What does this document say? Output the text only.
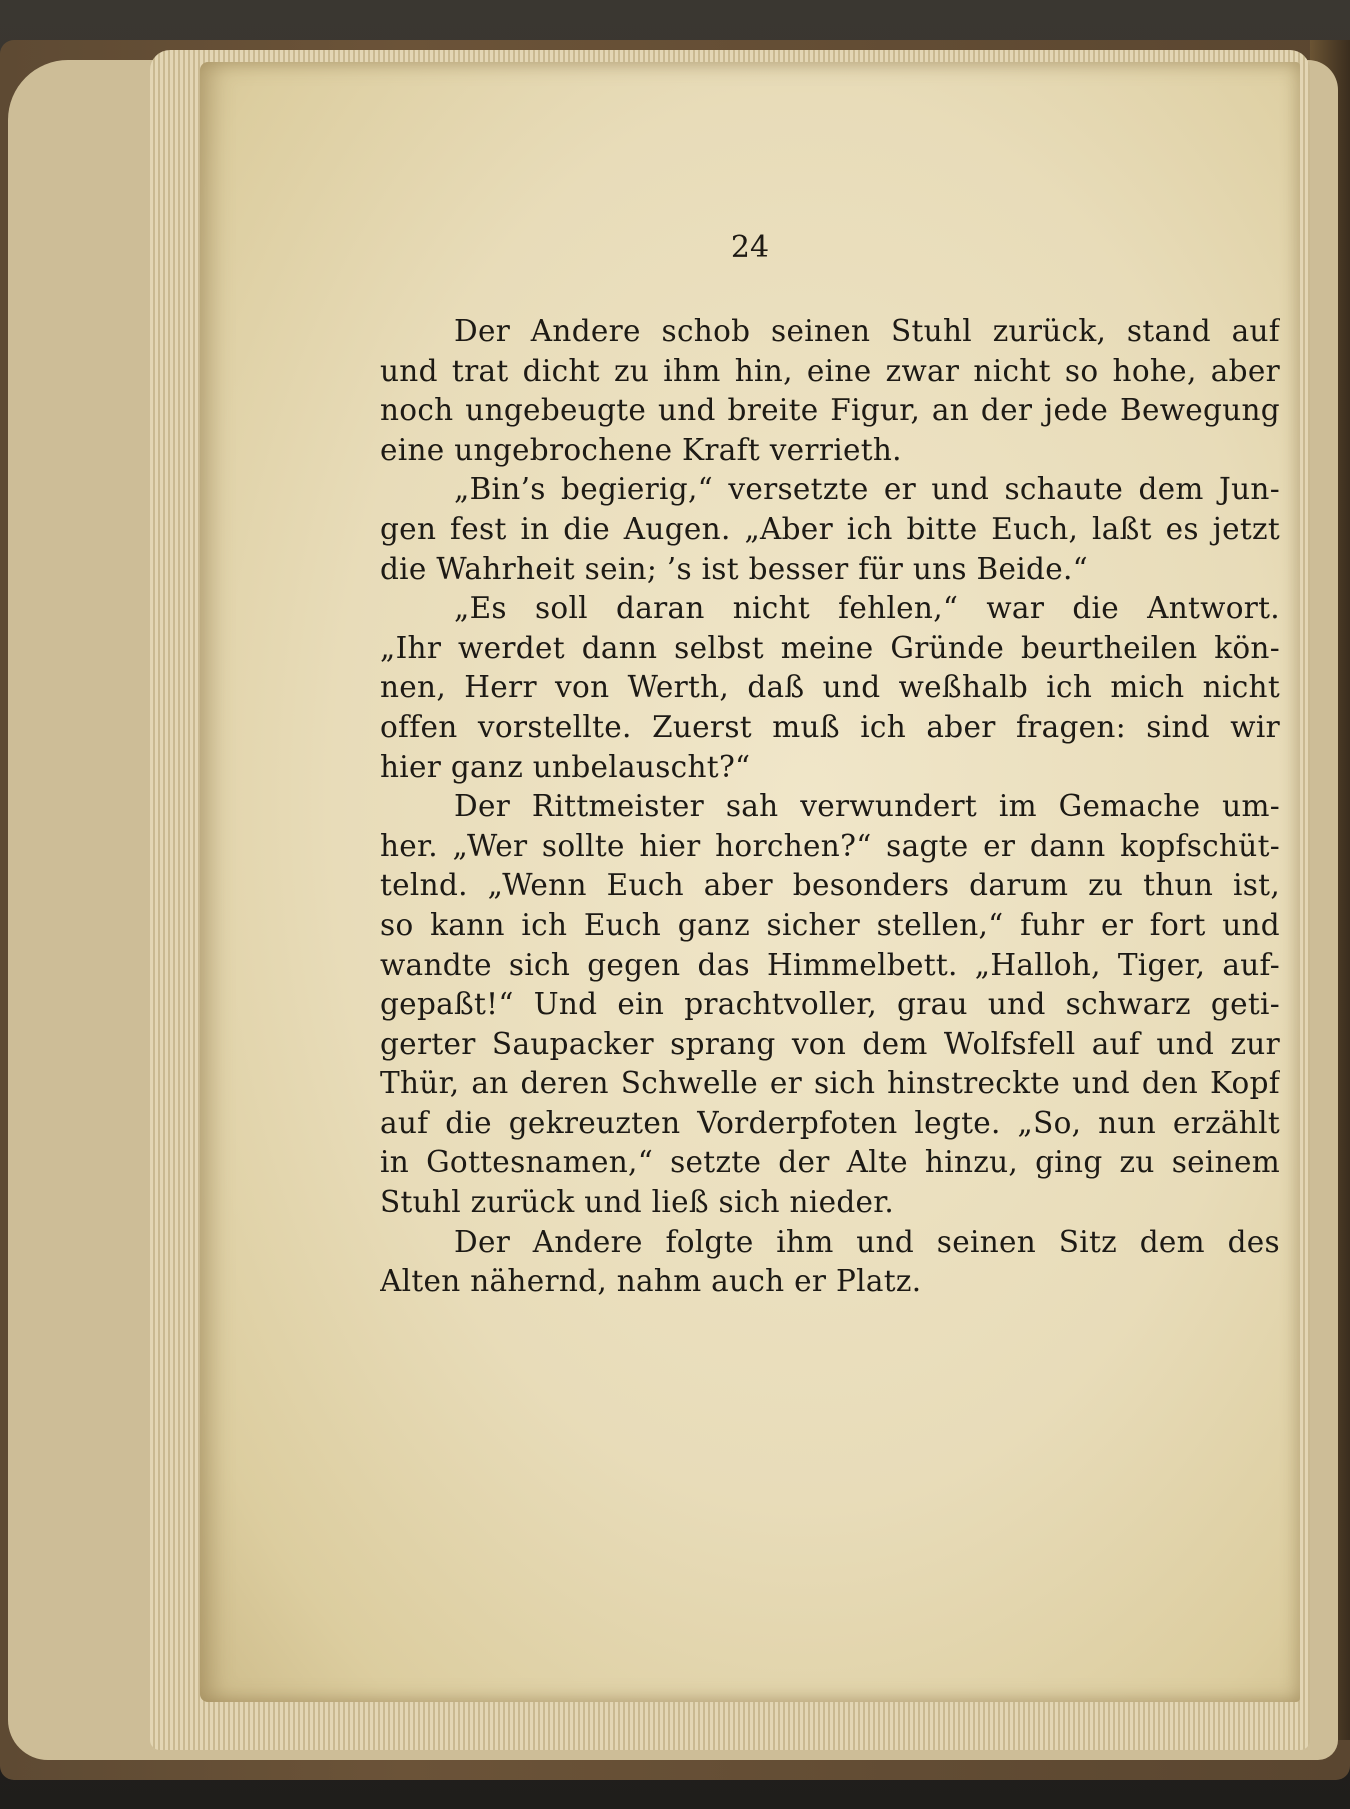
24
Der Andere schob seinen Stuhl zurück, stand auf
und trat dicht zu ihm hin, eine zwar nicht so hohe, aber
noch ungebeugte und breite Figur, an der jede Bewegung
eine ungebrochene Kraft verrieth.
„Bin’s begierig,“ versetzte er und schaute dem Jun-
gen fest in die Augen. „Aber ich bitte Euch, laßt es jetzt
die Wahrheit sein; ’s ist besser für uns Beide.“
„Es soll daran nicht fehlen,“ war die Antwort.
„Ihr werdet dann selbst meine Gründe beurtheilen kön-
nen, Herr von Werth, daß und weßhalb ich mich nicht
offen vorstellte. Zuerst muß ich aber fragen: sind wir
hier ganz unbelauscht?“
Der Rittmeister sah verwundert im Gemache um-
her. „Wer sollte hier horchen?“ sagte er dann kopfschüt-
telnd. „Wenn Euch aber besonders darum zu thun ist,
so kann ich Euch ganz sicher stellen,“ fuhr er fort und
wandte sich gegen das Himmelbett. „Halloh, Tiger, auf-
gepaßt!“ Und ein prachtvoller, grau und schwarz geti-
gerter Saupacker sprang von dem Wolfsfell auf und zur
Thür, an deren Schwelle er sich hinstreckte und den Kopf
auf die gekreuzten Vorderpfoten legte. „So, nun erzählt
in Gottesnamen,“ setzte der Alte hinzu, ging zu seinem
Stuhl zurück und ließ sich nieder.
Der Andere folgte ihm und seinen Sitz dem des
Alten nähernd, nahm auch er Platz.
